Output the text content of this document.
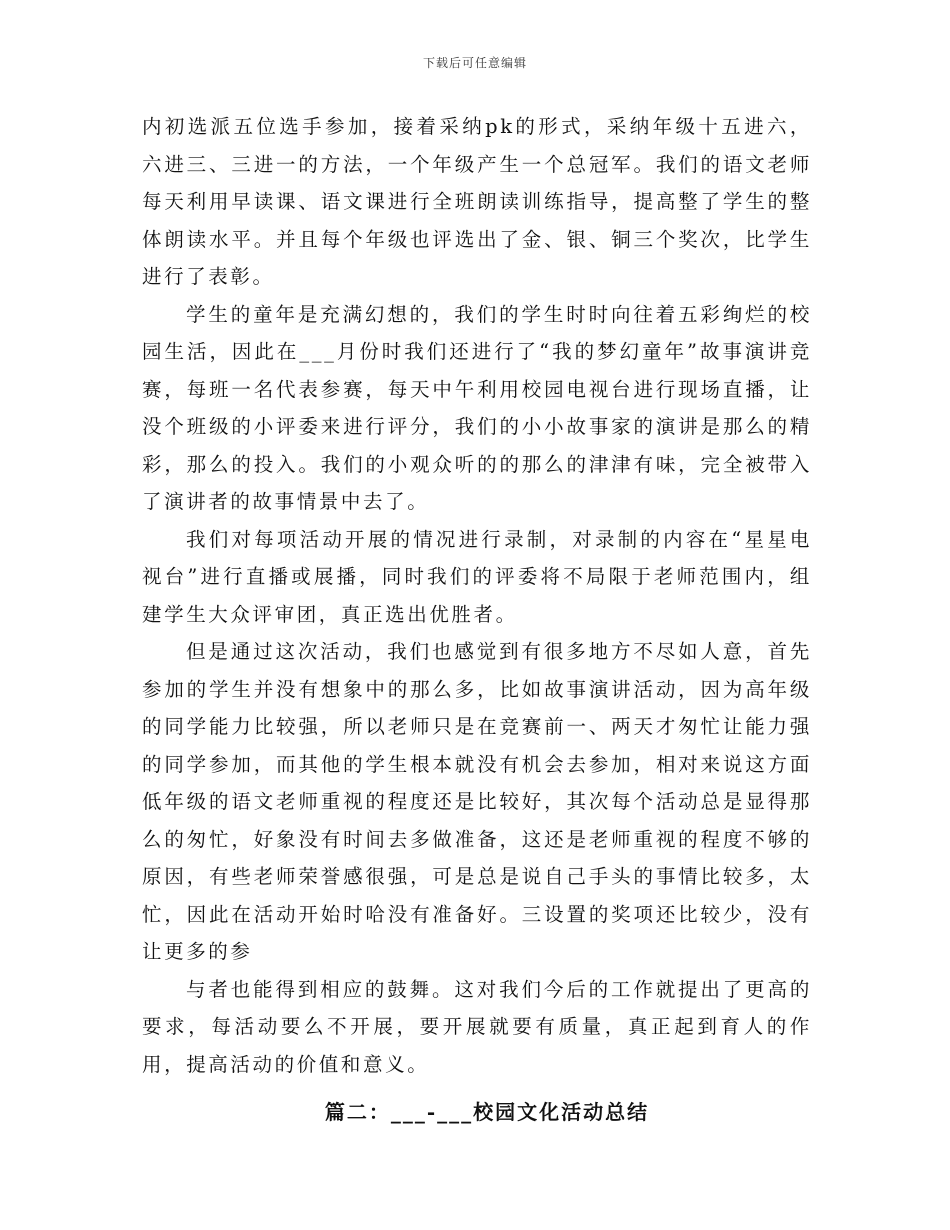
下载后可任意编辑

内初选派五位选手参加，接着采纳pk的形式，采纳年级十五进六，六进三、三进一的方法，一个年级产生一个总冠军。我们的语文老师每天利用早读课、语文课进行全班朗读训练指导，提高整了学生的整体朗读水平。并且每个年级也评选出了金、银、铜三个奖次，比学生进行了表彰。

学生的童年是充满幻想的，我们的学生时时向往着五彩绚烂的校园生活，因此在___月份时我们还进行了“我的梦幻童年”故事演讲竞赛，每班一名代表参赛，每天中午利用校园电视台进行现场直播，让没个班级的小评委来进行评分，我们的小小故事家的演讲是那么的精彩，那么的投入。我们的小观众听的的那么的津津有味，完全被带入了演讲者的故事情景中去了。

我们对每项活动开展的情况进行录制，对录制的内容在“星星电视台”进行直播或展播，同时我们的评委将不局限于老师范围内，组建学生大众评审团，真正选出优胜者。

但是通过这次活动，我们也感觉到有很多地方不尽如人意，首先参加的学生并没有想象中的那么多，比如故事演讲活动，因为高年级的同学能力比较强，所以老师只是在竞赛前一、两天才匆忙让能力强的同学参加，而其他的学生根本就没有机会去参加，相对来说这方面低年级的语文老师重视的程度还是比较好，其次每个活动总是显得那么的匆忙，好象没有时间去多做准备，这还是老师重视的程度不够的原因，有些老师荣誉感很强，可是总是说自己手头的事情比较多，太忙，因此在活动开始时哈没有准备好。三设置的奖项还比较少，没有让更多的参

与者也能得到相应的鼓舞。这对我们今后的工作就提出了更高的要求，每活动要么不开展，要开展就要有质量，真正起到育人的作用，提高活动的价值和意义。

篇二：___-___校园文化活动总结
